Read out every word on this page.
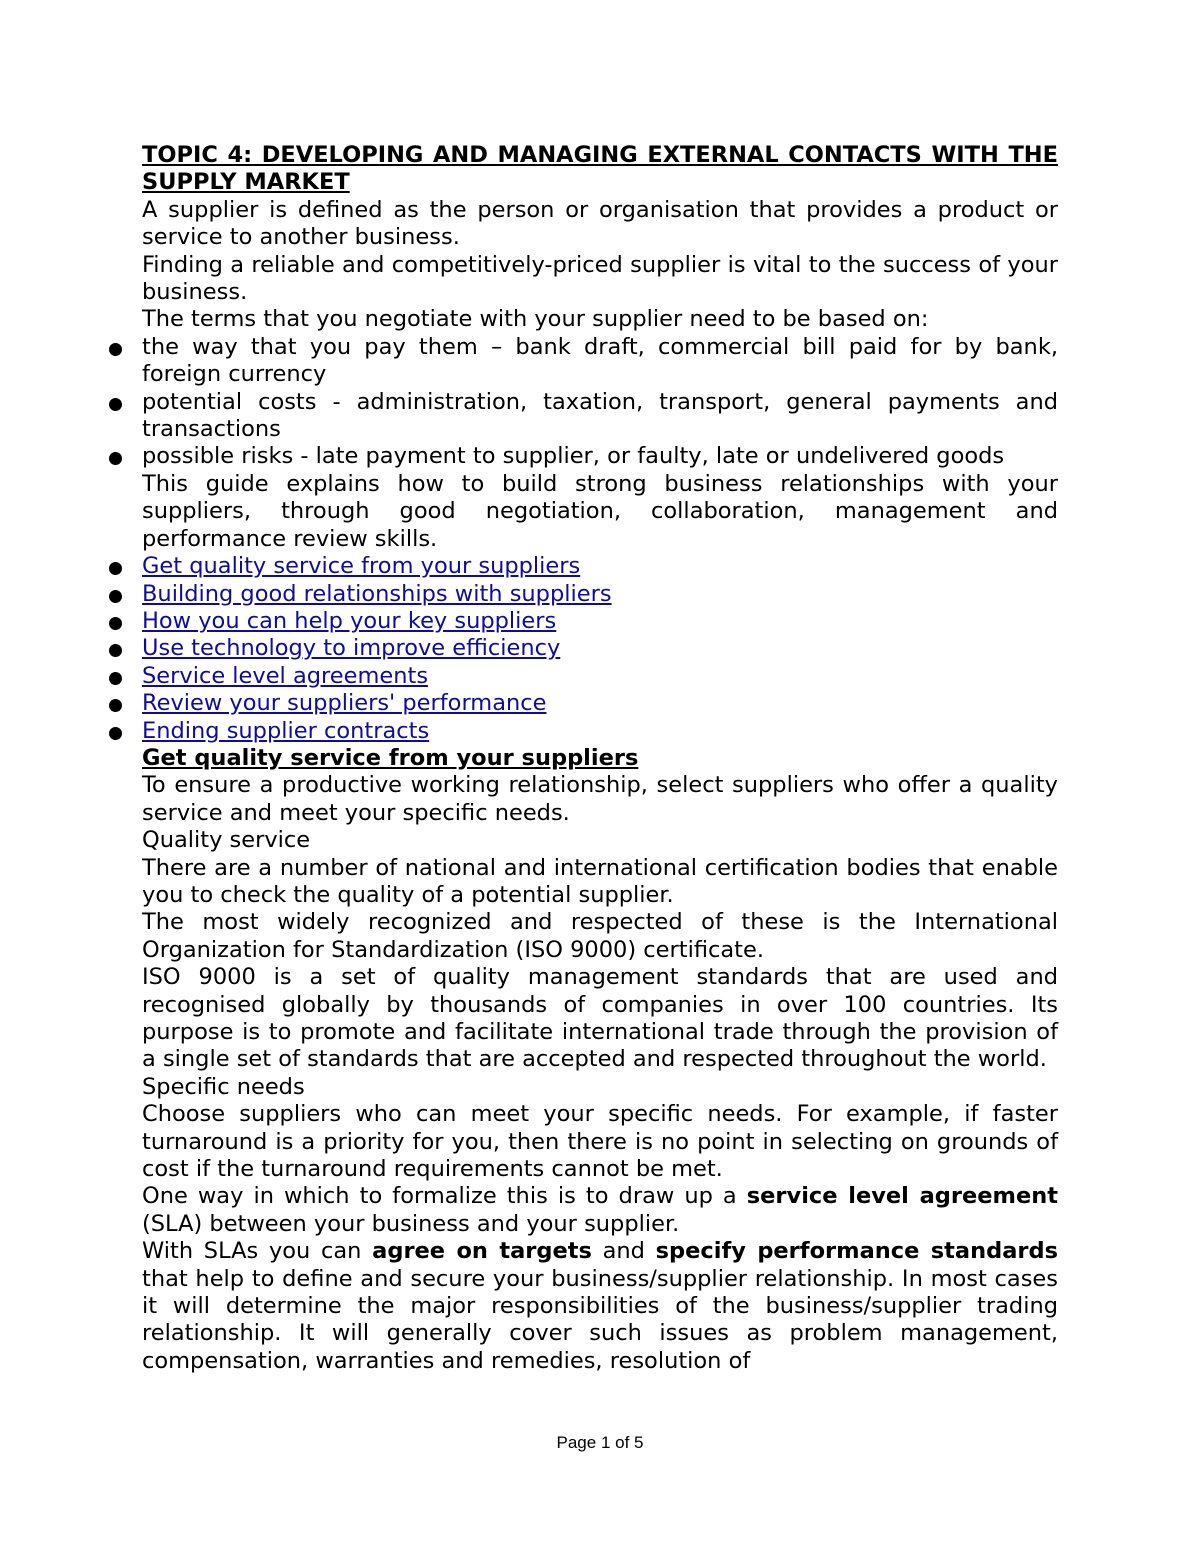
TOPIC 4: DEVELOPING AND MANAGING EXTERNAL CONTACTS WITH THE SUPPLY MARKET

A supplier is defined as the person or organisation that provides a product or service to another business.

Finding a reliable and competitively-priced supplier is vital to the success of your business.

The terms that you negotiate with your supplier need to be based on:

the way that you pay them – bank draft, commercial bill paid for by bank, foreign currency
potential costs - administration, taxation, transport, general payments and transactions
possible risks - late payment to supplier, or faulty, late or undelivered goods

This guide explains how to build strong business relationships with your suppliers, through good negotiation, collaboration, management and performance review skills.

Get quality service from your suppliers
Building good relationships with suppliers
How you can help your key suppliers
Use technology to improve efficiency
Service level agreements
Review your suppliers' performance
Ending supplier contracts

Get quality service from your suppliers

To ensure a productive working relationship, select suppliers who offer a quality service and meet your specific needs.

Quality service

There are a number of national and international certification bodies that enable you to check the quality of a potential supplier.

The most widely recognized and respected of these is the International Organization for Standardization (ISO 9000) certificate.

ISO 9000 is a set of quality management standards that are used and recognised globally by thousands of companies in over 100 countries. Its purpose is to promote and facilitate international trade through the provision of a single set of standards that are accepted and respected throughout the world.

Specific needs

Choose suppliers who can meet your specific needs. For example, if faster turnaround is a priority for you, then there is no point in selecting on grounds of cost if the turnaround requirements cannot be met.

One way in which to formalize this is to draw up a service level agreement (SLA) between your business and your supplier.

With SLAs you can agree on targets and specify performance standards that help to define and secure your business/supplier relationship. In most cases it will determine the major responsibilities of the business/supplier trading relationship. It will generally cover such issues as problem management, compensation, warranties and remedies, resolution of

Page 1 of 5
